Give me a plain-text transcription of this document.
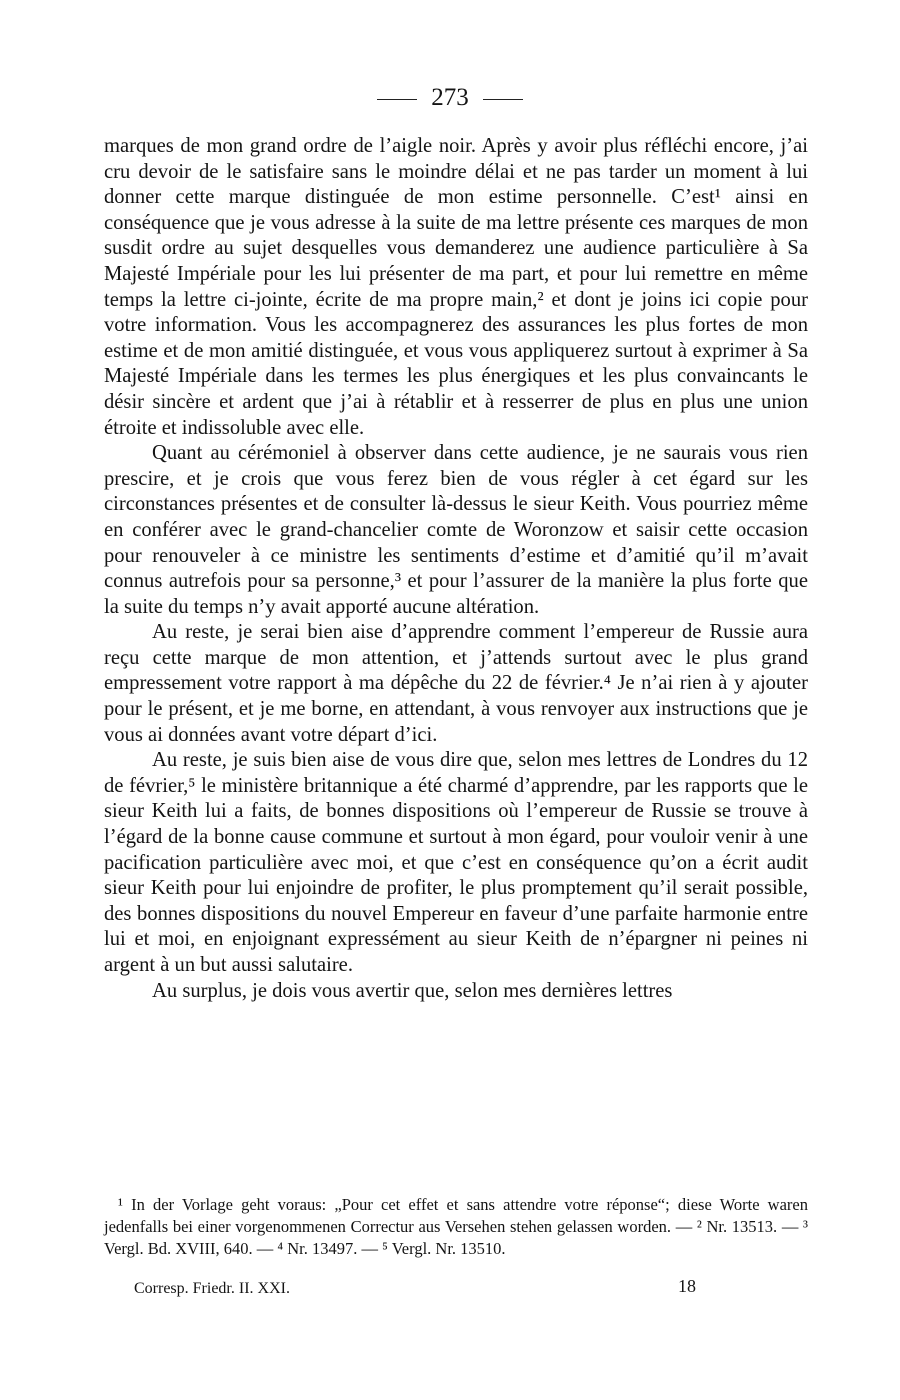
273

marques de mon grand ordre de l’aigle noir. Après y avoir plus réfléchi encore, j’ai cru devoir de le satisfaire sans le moindre délai et ne pas tarder un moment à lui donner cette marque distinguée de mon estime personnelle. C’est¹ ainsi en conséquence que je vous adresse à la suite de ma lettre présente ces marques de mon susdit ordre au sujet desquelles vous demanderez une audience particulière à Sa Majesté Impériale pour les lui présenter de ma part, et pour lui remettre en même temps la lettre ci-jointe, écrite de ma propre main,² et dont je joins ici copie pour votre information. Vous les accompagnerez des assurances les plus fortes de mon estime et de mon amitié distinguée, et vous vous appliquerez surtout à exprimer à Sa Majesté Impériale dans les termes les plus énergiques et les plus convaincants le désir sincère et ardent que j’ai à rétablir et à resserrer de plus en plus une union étroite et indissoluble avec elle.

Quant au cérémoniel à observer dans cette audience, je ne saurais vous rien prescire, et je crois que vous ferez bien de vous régler à cet égard sur les circonstances présentes et de consulter là-dessus le sieur Keith. Vous pourriez même en conférer avec le grand-chancelier comte de Woronzow et saisir cette occasion pour renouveler à ce ministre les sentiments d’estime et d’amitié qu’il m’avait connus autrefois pour sa personne,³ et pour l’assurer de la manière la plus forte que la suite du temps n’y avait apporté aucune altération.

Au reste, je serai bien aise d’apprendre comment l’empereur de Russie aura reçu cette marque de mon attention, et j’attends surtout avec le plus grand empressement votre rapport à ma dépêche du 22 de février.⁴ Je n’ai rien à y ajouter pour le présent, et je me borne, en attendant, à vous renvoyer aux instructions que je vous ai données avant votre départ d’ici.

Au reste, je suis bien aise de vous dire que, selon mes lettres de Londres du 12 de février,⁵ le ministère britannique a été charmé d’apprendre, par les rapports que le sieur Keith lui a faits, de bonnes dispositions où l’empereur de Russie se trouve à l’égard de la bonne cause commune et surtout à mon égard, pour vouloir venir à une pacification particulière avec moi, et que c’est en conséquence qu’on a écrit audit sieur Keith pour lui enjoindre de profiter, le plus promptement qu’il serait possible, des bonnes dispositions du nouvel Empereur en faveur d’une parfaite harmonie entre lui et moi, en enjoignant expressément au sieur Keith de n’épargner ni peines ni argent à un but aussi salutaire.

Au surplus, je dois vous avertir que, selon mes dernières lettres

¹ In der Vorlage geht voraus: „Pour cet effet et sans attendre votre réponse“; diese Worte waren jedenfalls bei einer vorgenommenen Correctur aus Versehen stehen gelassen worden. — ² Nr. 13513. — ³ Vergl. Bd. XVIII, 640. — ⁴ Nr. 13497. — ⁵ Vergl. Nr. 13510.

Corresp. Friedr. II. XXI.	18
